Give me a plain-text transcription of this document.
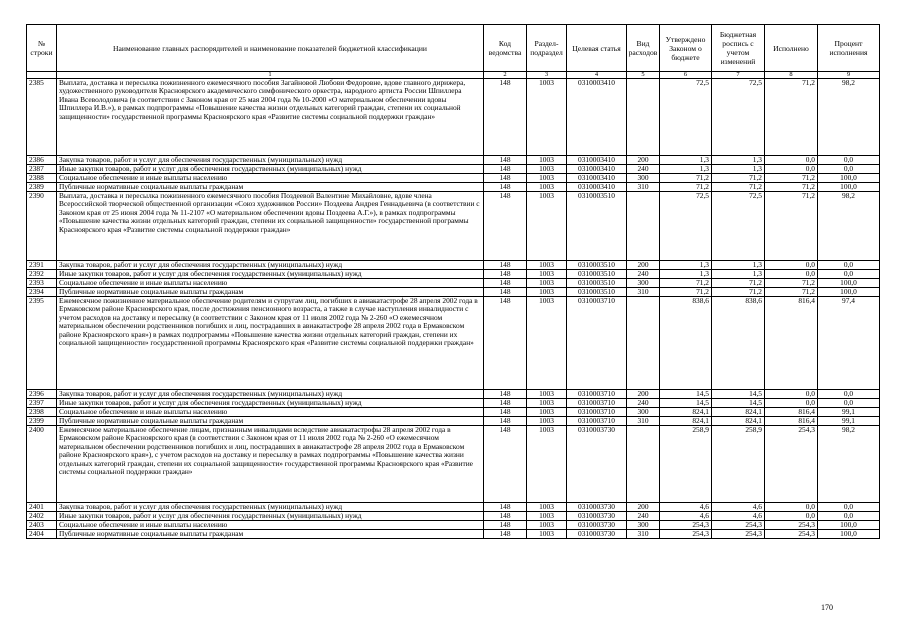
№ строки	Наименование главных распорядителей и наименование показателей бюджетной классификации	Код ведомства	Раздел-подраздел	Целевая статья	Вид расходов	Утверждено Законом о бюджете	Бюджетная роспись с учетом изменений	Исполнено	Процент исполнения
	1	2	3	4	5	6	7	8	9
2385	Выплата, доставка и пересылка пожизненного ежемесячного пособия Загайновой Любови Федоровне, вдове главного дирижера, художественного руководителя Красноярского академического симфонического оркестра, народного артиста России Шпиллера Ивана Всеволодовича (в соответствии с Законом края от 25 мая 2004 года № 10-2000 «О материальном обеспечении вдовы Шпиллера И.В.»), в рамках подпрограммы «Повышение качества жизни отдельных категорий граждан, степени их социальной защищенности» государственной программы Красноярского края «Развитие системы социальной поддержки граждан»	148	1003	0310003410		72,5	72,5	71,2	98,2
2386	Закупка товаров, работ и услуг для обеспечения государственных (муниципальных) нужд	148	1003	0310003410	200	1,3	1,3	0,0	0,0
2387	Иные закупки товаров, работ и услуг для обеспечения государственных (муниципальных) нужд	148	1003	0310003410	240	1,3	1,3	0,0	0,0
2388	Социальное обеспечение и иные выплаты населению	148	1003	0310003410	300	71,2	71,2	71,2	100,0
2389	Публичные нормативные социальные выплаты гражданам	148	1003	0310003410	310	71,2	71,2	71,2	100,0
2390	Выплата, доставка и пересылка пожизненного ежемесячного пособия Поздеевой Валентине Михайловне, вдове члена Всероссийской творческой общественной организации «Союз художников России» Поздеева Андрея Геннадьевича (в соответствии с Законом края от 25 июня 2004 года № 11-2107 «О материальном обеспечении вдовы Поздеева А.Г.»), в рамках подпрограммы «Повышение качества жизни отдельных категорий граждан, степени их социальной защищенности» государственной программы Красноярского края «Развитие системы социальной поддержки граждан»	148	1003	0310003510		72,5	72,5	71,2	98,2
2391	Закупка товаров, работ и услуг для обеспечения государственных (муниципальных) нужд	148	1003	0310003510	200	1,3	1,3	0,0	0,0
2392	Иные закупки товаров, работ и услуг для обеспечения государственных (муниципальных) нужд	148	1003	0310003510	240	1,3	1,3	0,0	0,0
2393	Социальное обеспечение и иные выплаты населению	148	1003	0310003510	300	71,2	71,2	71,2	100,0
2394	Публичные нормативные социальные выплаты гражданам	148	1003	0310003510	310	71,2	71,2	71,2	100,0
2395	Ежемесячное пожизненное материальное обеспечение родителям и супругам лиц, погибших в авиакатастрофе 28 апреля 2002 года в Ермаковском районе Красноярского края, после достижения пенсионного возраста, а также в случае наступления инвалидности с учетом расходов на доставку и пересылку (в соответствии с Законом края от 11 июля 2002 года № 2-260 «О ежемесячном материальном обеспечении родственников погибших и лиц, пострадавших в авиакатастрофе 28 апреля 2002 года в Ермаковском районе Красноярского края») в рамках подпрограммы «Повышение качества жизни отдельных категорий граждан, степени их социальной защищенности» государственной программы Красноярского края «Развитие системы социальной поддержки граждан»	148	1003	0310003710		838,6	838,6	816,4	97,4
2396	Закупка товаров, работ и услуг для обеспечения государственных (муниципальных) нужд	148	1003	0310003710	200	14,5	14,5	0,0	0,0
2397	Иные закупки товаров, работ и услуг для обеспечения государственных (муниципальных) нужд	148	1003	0310003710	240	14,5	14,5	0,0	0,0
2398	Социальное обеспечение и иные выплаты населению	148	1003	0310003710	300	824,1	824,1	816,4	99,1
2399	Публичные нормативные социальные выплаты гражданам	148	1003	0310003710	310	824,1	824,1	816,4	99,1
2400	Ежемесячное материальное обеспечение лицам, признанным инвалидами вследствие авиакатастрофы 28 апреля 2002 года в Ермаковском районе Красноярского края (в соответствии с Законом края от 11 июля 2002 года № 2-260 «О ежемесячном материальном обеспечении родственников погибших и лиц, пострадавших в авиакатастрофе 28 апреля 2002 года в Ермаковском районе Красноярского края»), с учетом расходов на доставку и пересылку в рамках подпрограммы «Повышение качества жизни отдельных категорий граждан, степени их социальной защищенности» государственной программы Красноярского края «Развитие системы социальной поддержки граждан»	148	1003	0310003730		258,9	258,9	254,3	98,2
2401	Закупка товаров, работ и услуг для обеспечения государственных (муниципальных) нужд	148	1003	0310003730	200	4,6	4,6	0,0	0,0
2402	Иные закупки товаров, работ и услуг для обеспечения государственных (муниципальных) нужд	148	1003	0310003730	240	4,6	4,6	0,0	0,0
2403	Социальное обеспечение и иные выплаты населению	148	1003	0310003730	300	254,3	254,3	254,3	100,0
2404	Публичные нормативные социальные выплаты гражданам	148	1003	0310003730	310	254,3	254,3	254,3	100,0
170
